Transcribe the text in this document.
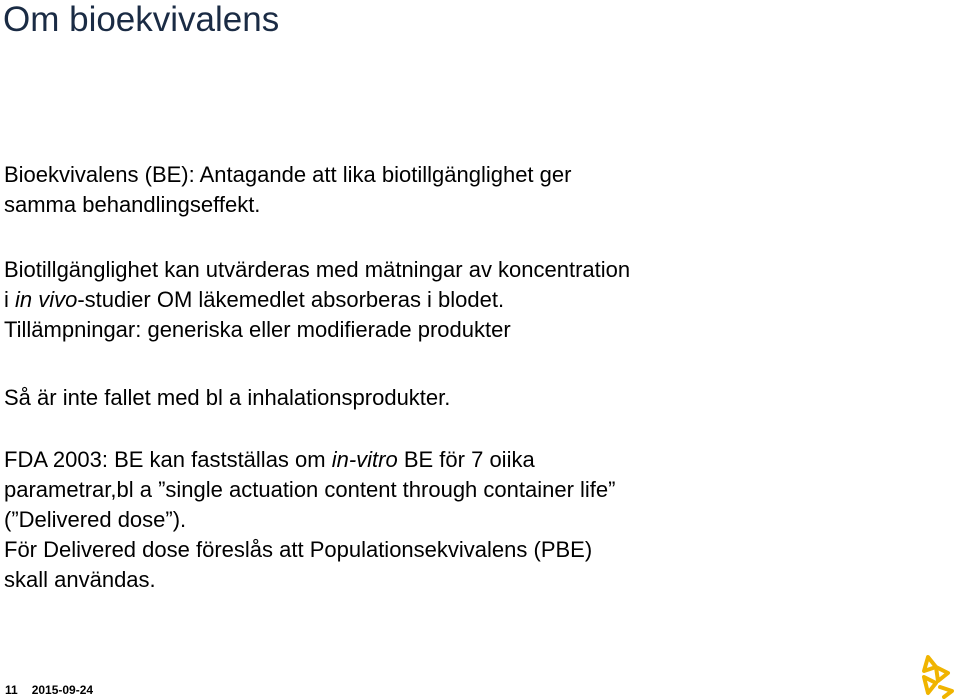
Om bioekvivalens

Bioekvivalens (BE): Antagande att lika biotillgänglighet ger
samma behandlingseffekt.

Biotillgänglighet kan utvärderas med mätningar av koncentration
i in vivo-studier OM läkemedlet absorberas i blodet.
Tillämpningar: generiska eller modifierade produkter

Så är inte fallet med bl a inhalationsprodukter.

FDA 2003: BE kan fastställas om in-vitro BE för 7 oiika
parametrar,bl a ”single actuation content through container life”
(”Delivered dose”).
För Delivered dose föreslås att Populationsekvivalens (PBE)
skall användas.

11 2015-09-24
